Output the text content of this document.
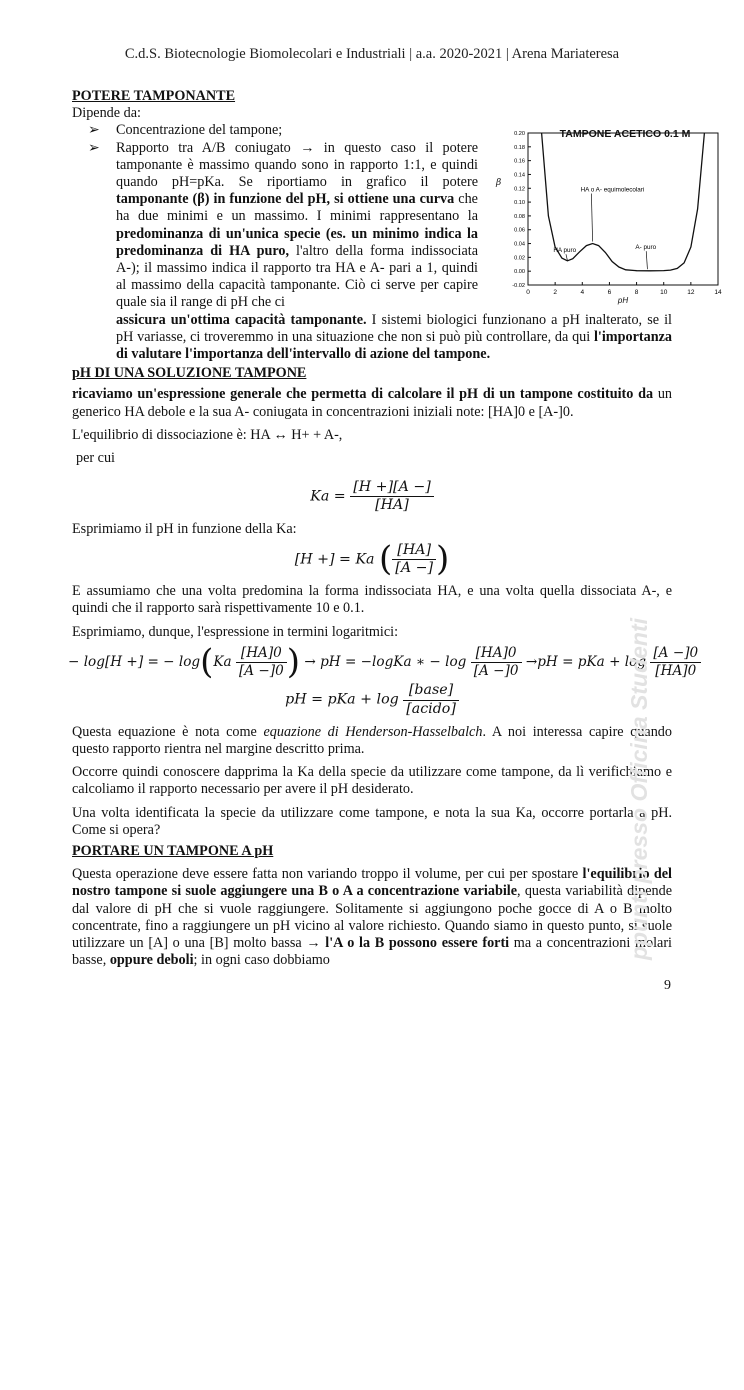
C.d.S. Biotecnologie Biomolecolari e Industriali | a.a. 2020-2021 | Arena Mariateresa
TAMPONE ACETICO 0.1 M
β
pH
0	2	4	6	8	10	12	14
-0.02
0.00
0.02
0.04
0.06
0.08
0.10
0.12
0.14
0.16
0.18
0.20
HA o A- equimolecolari
HA puro	A- puro

POTERE TAMPONANTE

Dipende da:

➢ Concentrazione del tampone;
➢ Rapporto tra A/B coniugato → in questo caso il potere tamponante è massimo quando sono in rapporto 1:1, e quindi quando pH=pKa. Se riportiamo in grafico il potere tamponante (β) in funzione del pH, si ottiene una curva che ha due minimi e un massimo. I minimi rappresentano la predominanza di un'unica specie (es. un minimo indica la predominanza di HA puro, l'altro della forma indissociata A-); il massimo indica il rapporto tra HA e A- pari a 1, quindi al massimo della capacità tamponante. Ciò ci serve per capire quale sia il range di pH che ci

assicura un'ottima capacità tamponante. I sistemi biologici funzionano a pH inalterato, se il pH variasse, ci troveremmo in una situazione che non si può più controllare, da qui l'importanza di valutare l'importanza dell'intervallo di azione del tampone.

pH DI UNA SOLUZIONE TAMPONE

ricaviamo un'espressione generale che permetta di calcolare il pH di un tampone costituito da un generico HA debole e la sua A- coniugata in concentrazioni iniziali note: [HA]0 e [A-]0.

L'equilibrio di dissociazione è: HA ↔ H+ + A-,

per cui

$Ka = \frac{[H +][A -]}{[HA]}$

Esprimiamo il pH in funzione della Ka:

[H +] = Ka ( $\frac{[HA]}{[A -]}$ )

E assumiamo che una volta predomina la forma indissociata HA, e una volta quella dissociata A-, e quindi che il rapporto sarà rispettivamente 10 e 0.1.

Esprimiamo, dunque, l'espressione in termini logaritmici:

− log[H +] = − $\log(Ka \frac{[HA]0}{[A -]0}$ ) → pH = −logKa ∗ − $\log \frac{[HA]0}{[A -]0} \to pH$ = pKa + $\log \frac{[A -]0}{[HA]0}$
pH = pKa + $\log \frac{\text{[base]}}{\text{[acido]}}$

Questa equazione è nota come equazione di Henderson-Hasselbalch. A noi interessa capire quando questo rapporto rientra nel margine descritto prima.

Occorre quindi conoscere dapprima la Ka della specie da utilizzare come tampone, da lì verifichiamo e calcoliamo il rapporto necessario per avere il pH desiderato.

Una volta identificata la specie da utilizzare come tampone, e nota la sua Ka, occorre portarla a pH. Come si opera?

PORTARE UN TAMPONE A pH

Questa operazione deve essere fatta non variando troppo il volume, per cui per spostare l'equilibrio del nostro tampone si suole aggiungere una B o A a concentrazione variabile, questa variabilità dipende dal valore di pH che si vuole raggiungere. Solitamente si aggiungono poche gocce di A o B molto concentrate, fino a raggiungere un pH vicino al valore richiesto. Quando siamo in questo punto, si suole utilizzare un [A] o una [B] molto bassa → l'A o la B possono essere forti ma a concentrazioni molari basse, oppure deboli; in ogni caso dobbiamo

9
ppunti presso Officina Studenti
